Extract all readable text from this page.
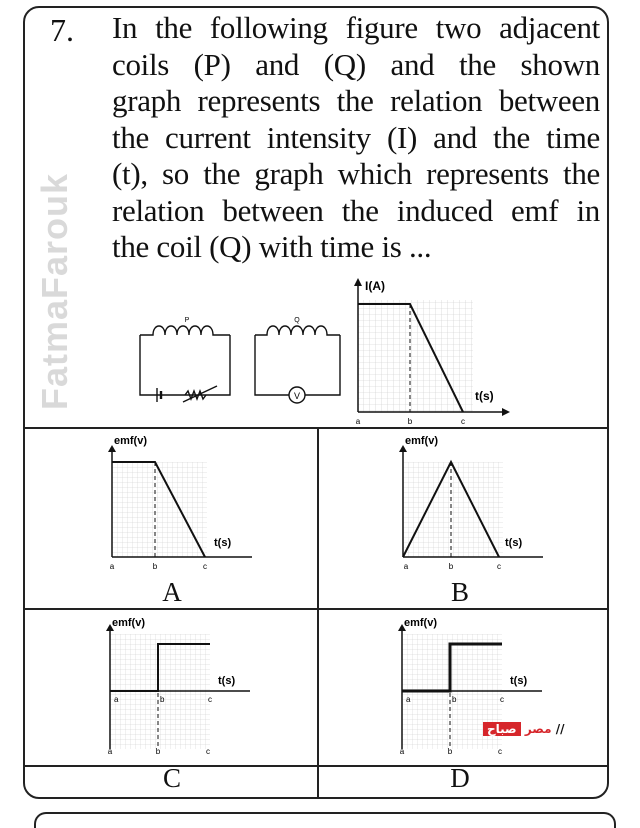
FatmaFarouk
7. In the following figure two adjacent
coils (P) and (Q) and the shown
graph represents the relation between
the current intensity (I) and the time
(t), so the graph which represents the
relation between the induced emf in
the coil (Q) with time is ...
P	Q
V
I(A)
t(s)
a	b	c
emf(v)
t(s)
a	b	c
A
emf(v)
t(s)
a	b	c
B
emf(v)
t(s)
a	b	c
a	b	c
C
emf(v)
t(s)
a	b	c
a	b	c
D
مصر صباح	//
